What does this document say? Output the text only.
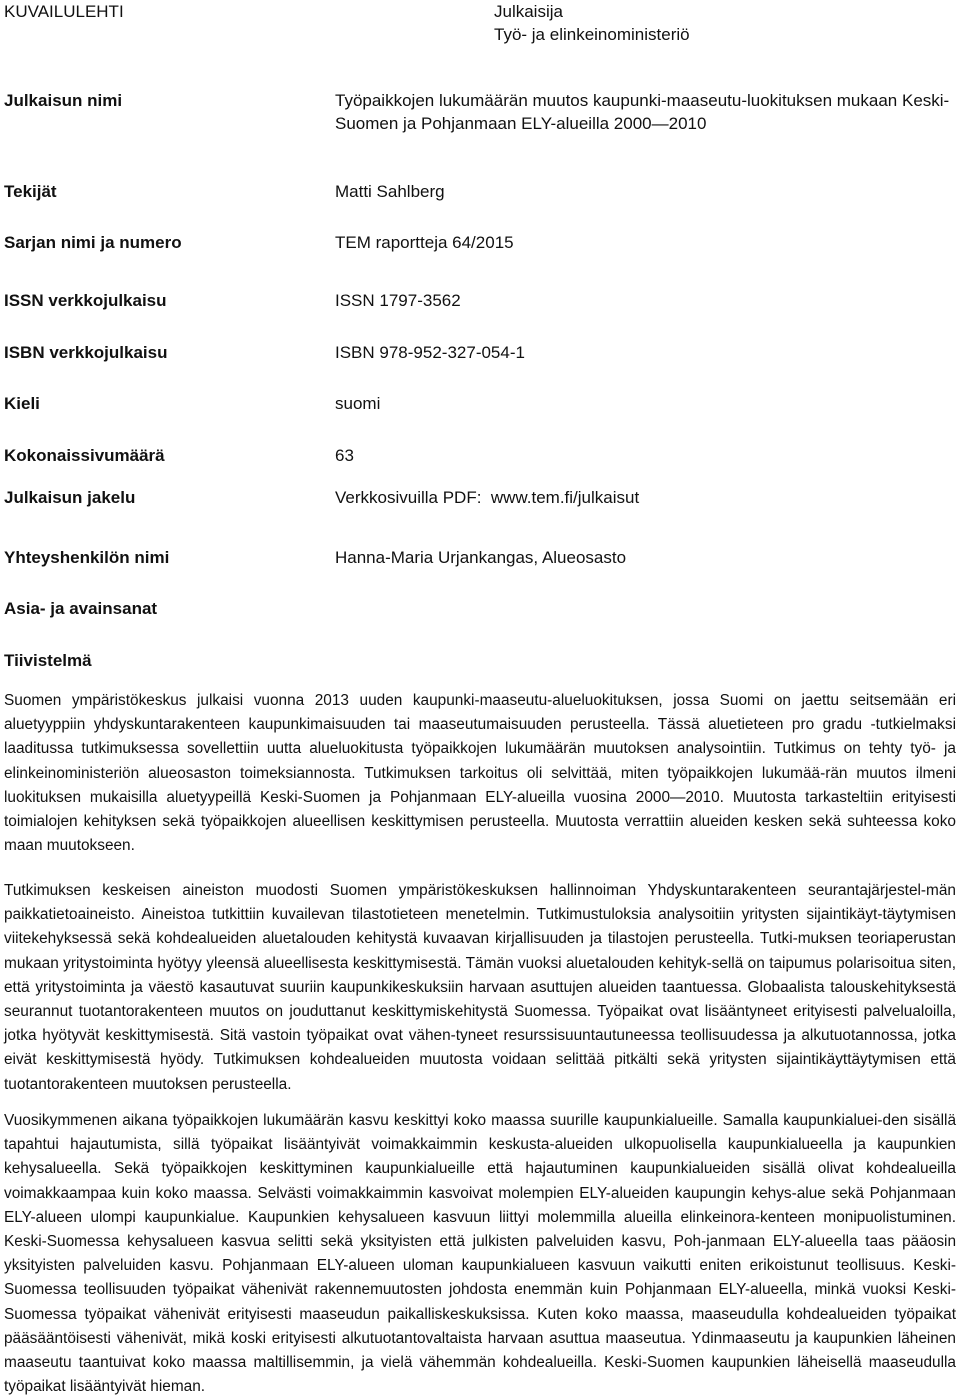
KUVAILULEHTI	Julkaisija
Työ- ja elinkeinoministeriö
Julkaisun nimi	Työpaikkojen lukumäärän muutos kaupunki-maaseutu-luokituksen mukaan Keski-
Suomen ja Pohjanmaan ELY-alueilla 2000—2010
Tekijät	Matti Sahlberg
Sarjan nimi ja numero	TEM raportteja 64/2015
ISSN verkkojulkaisu	ISSN 1797-3562
ISBN verkkojulkaisu	ISBN 978-952-327-054-1
Kieli	suomi
Kokonaissivumäärä	63
Julkaisun jakelu	Verkkosivuilla PDF:  www.tem.fi/julkaisut
Yhteyshenkilön nimi	Hanna-Maria Urjankangas, Alueosasto
Asia- ja avainsanat
Tiivistelmä
Suomen ympäristökeskus julkaisi vuonna 2013 uuden kaupunki-maaseutu-alueluokituksen, jossa Suomi on jaettu seitsemään eri aluetyyppiin yhdyskuntarakenteen kaupunkimaisuuden tai maaseutumaisuuden perusteella. Tässä aluetieteen pro gradu -tutkielmaksi laaditussa tutkimuksessa sovellettiin uutta alueluokitusta työpaikkojen lukumäärän muutoksen analysointiin. Tutkimus on tehty työ- ja elinkeinoministeriön alueosaston toimeksiannosta. Tutkimuksen tarkoitus oli selvittää, miten työpaikkojen lukumää-rän muutos ilmeni luokituksen mukaisilla aluetyypeillä Keski-Suomen ja Pohjanmaan ELY-alueilla vuosina 2000—2010. Muutosta tarkasteltiin erityisesti toimialojen kehityksen sekä työpaikkojen alueellisen keskittymisen perusteella. Muutosta verrattiin alueiden kesken sekä suhteessa koko maan muutokseen.
Tutkimuksen keskeisen aineiston muodosti Suomen ympäristökeskuksen hallinnoiman Yhdyskuntarakenteen seurantajärjestel-män paikkatietoaineisto. Aineistoa tutkittiin kuvailevan tilastotieteen menetelmin. Tutkimustuloksia analysoitiin yritysten sijaintikäyt-täytymisen viitekehyksessä sekä kohdealueiden aluetalouden kehitystä kuvaavan kirjallisuuden ja tilastojen perusteella. Tutki-muksen teoriaperustan mukaan yritystoiminta hyötyy yleensä alueellisesta keskittymisestä. Tämän vuoksi aluetalouden kehityk-sellä on taipumus polarisoitua siten, että yritystoiminta ja väestö kasautuvat suuriin kaupunkikeskuksiin harvaan asuttujen alueiden taantuessa. Globaalista talouskehityksestä seurannut tuotantorakenteen muutos on jouduttanut keskittymiskehitystä Suomessa. Työpaikat ovat lisääntyneet erityisesti palvelualoilla, jotka hyötyvät keskittymisestä. Sitä vastoin työpaikat ovat vähen-tyneet resurssisuuntautuneessa teollisuudessa ja alkutuotannossa, jotka eivät keskittymisestä hyödy. Tutkimuksen kohdealueiden muutosta voidaan selittää pitkälti sekä yritysten sijaintikäyttäytymisen että tuotantorakenteen muutoksen perusteella.
Vuosikymmenen aikana työpaikkojen lukumäärän kasvu keskittyi koko maassa suurille kaupunkialueille. Samalla kaupunkialuei-den sisällä tapahtui hajautumista, sillä työpaikat lisääntyivät voimakkaimmin keskusta-alueiden ulkopuolisella kaupunkialueella ja kaupunkien kehysalueella. Sekä työpaikkojen keskittyminen kaupunkialueille että hajautuminen kaupunkialueiden sisällä olivat kohdealueilla voimakkaampaa kuin koko maassa. Selvästi voimakkaimmin kasvoivat molempien ELY-alueiden kaupungin kehys-alue sekä Pohjanmaan ELY-alueen ulompi kaupunkialue. Kaupunkien kehysalueen kasvuun liittyi molemmilla alueilla elinkeinora-kenteen monipuolistuminen. Keski-Suomessa kehysalueen kasvua selitti sekä yksityisten että julkisten palveluiden kasvu, Poh-janmaan ELY-alueella taas pääosin yksityisten palveluiden kasvu. Pohjanmaan ELY-alueen uloman kaupunkialueen kasvuun vaikutti eniten erikoistunut teollisuus. Keski-Suomessa teollisuuden työpaikat vähenivät rakennemuutosten johdosta enemmän kuin Pohjanmaan ELY-alueella, minkä vuoksi Keski-Suomessa työpaikat vähenivät erityisesti maaseudun paikalliskeskuksissa. Kuten koko maassa, maaseudulla kohdealueiden työpaikat pääsääntöisesti vähenivät, mikä koski erityisesti alkutuotantovaltaista harvaan asuttua maaseutua. Ydinmaaseutu ja kaupunkien läheinen maaseutu taantuivat koko maassa maltillisemmin, ja vielä vähemmän kohdealueilla. Keski-Suomen kaupunkien läheisellä maaseudulla työpaikat lisääntyivät hieman.
